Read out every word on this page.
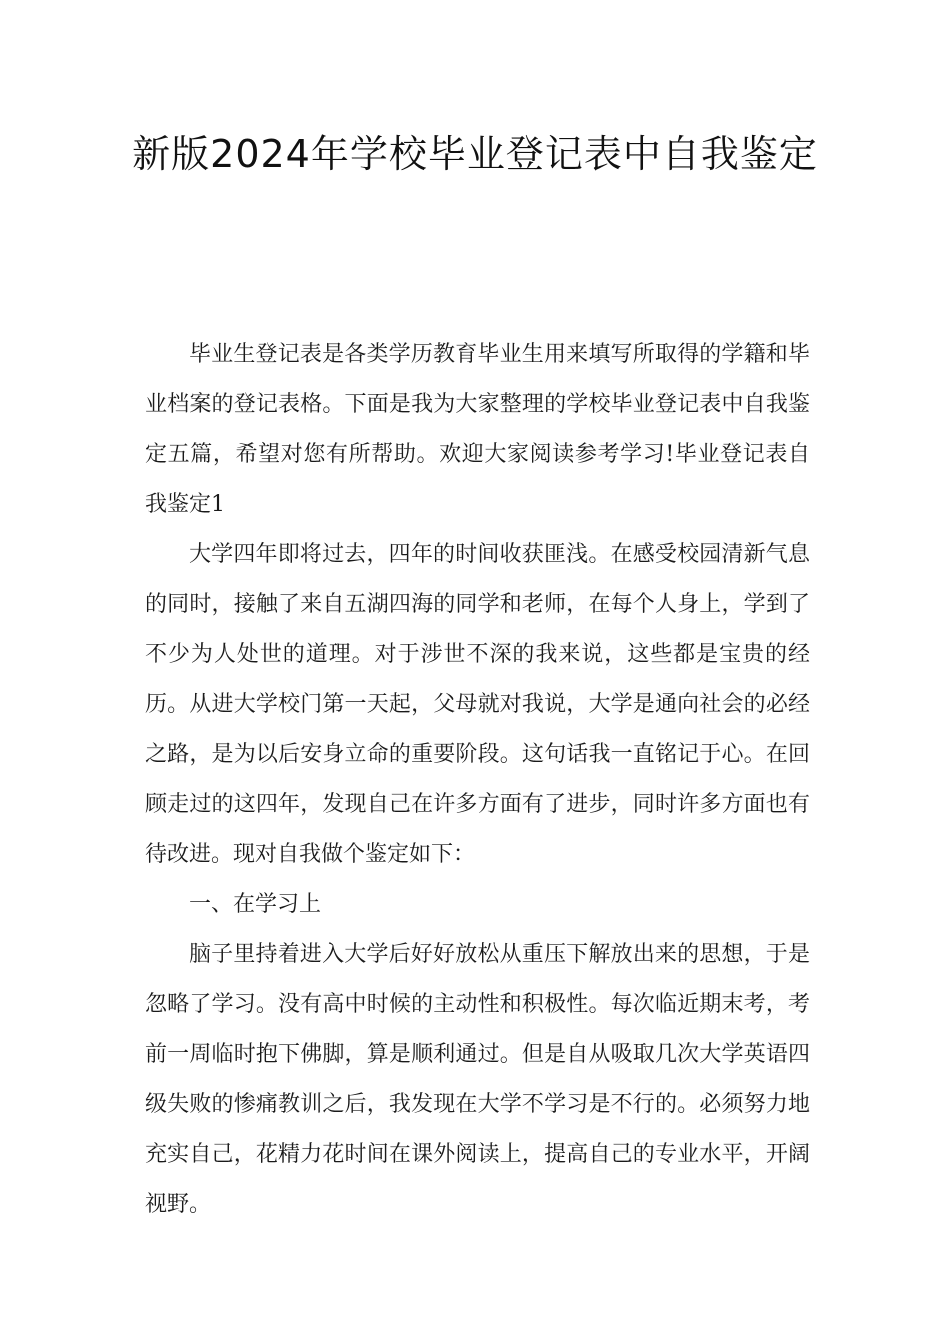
新版2024年学校毕业登记表中自我鉴定

毕业生登记表是各类学历教育毕业生用来填写所取得的学籍和毕业档案的登记表格。下面是我为大家整理的学校毕业登记表中自我鉴定五篇，希望对您有所帮助。欢迎大家阅读参考学习!毕业登记表自我鉴定1

大学四年即将过去，四年的时间收获匪浅。在感受校园清新气息的同时，接触了来自五湖四海的同学和老师，在每个人身上，学到了不少为人处世的道理。对于涉世不深的我来说，这些都是宝贵的经历。从进大学校门第一天起，父母就对我说，大学是通向社会的必经之路，是为以后安身立命的重要阶段。这句话我一直铭记于心。在回顾走过的这四年，发现自己在许多方面有了进步，同时许多方面也有待改进。现对自我做个鉴定如下：

一、在学习上

脑子里持着进入大学后好好放松从重压下解放出来的思想，于是忽略了学习。没有高中时候的主动性和积极性。每次临近期末考，考前一周临时抱下佛脚，算是顺利通过。但是自从吸取几次大学英语四级失败的惨痛教训之后，我发现在大学不学习是不行的。必须努力地充实自己，花精力花时间在课外阅读上，提高自己的专业水平，开阔视野。
